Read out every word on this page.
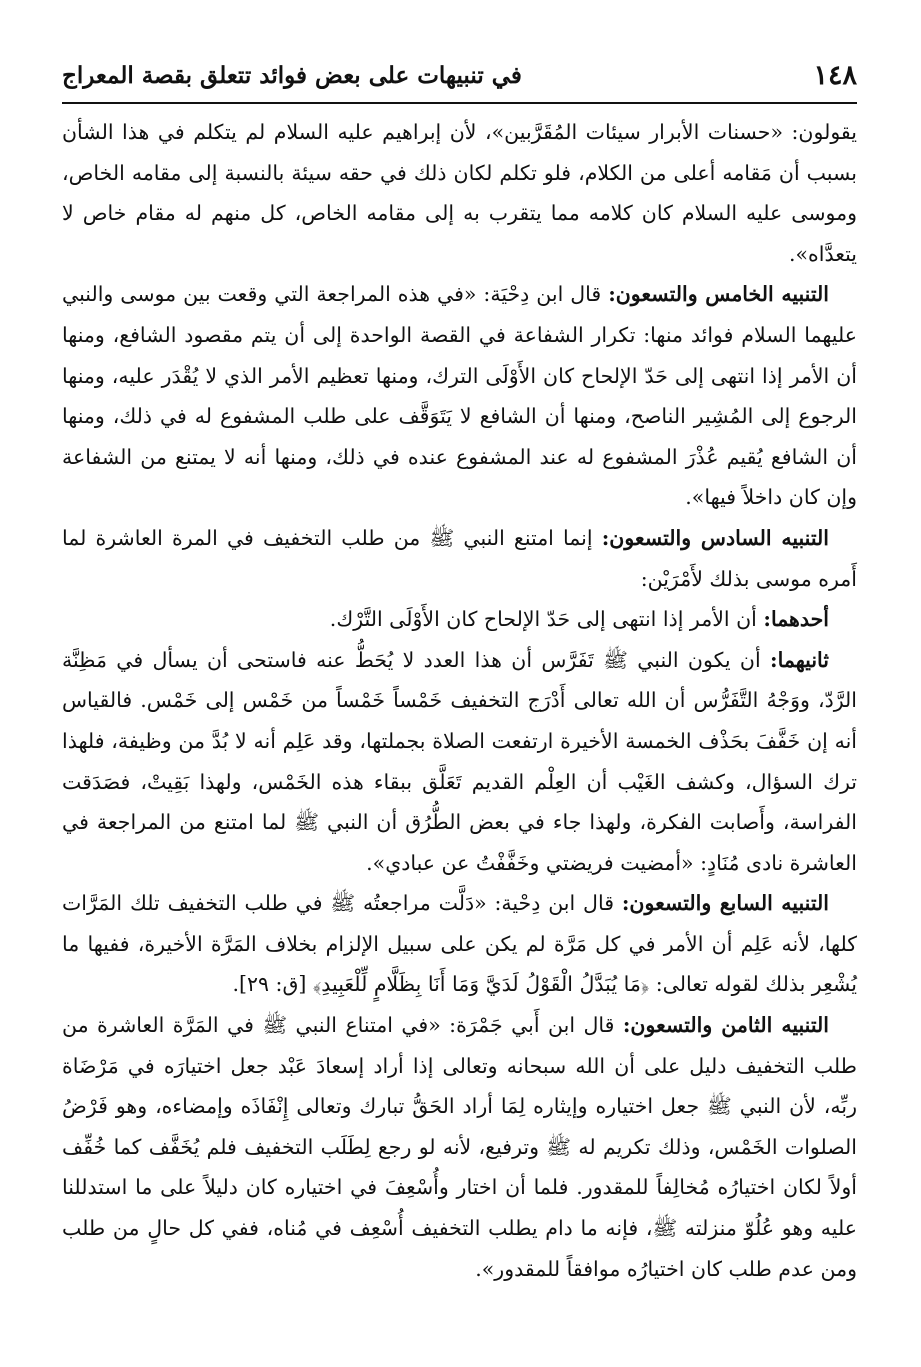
١٤٨
في تنبيهات على بعض فوائد تتعلق بقصة المعراج

يقولون: «حسنات الأبرار سيئات المُقَرَّبين»، لأن إبراهيم عليه السلام لم يتكلم في هذا الشأن بسبب أن مَقامه أعلى من الكلام، فلو تكلم لكان ذلك في حقه سيئة بالنسبة إلى مقامه الخاص، وموسى عليه السلام كان كلامه مما يتقرب به إلى مقامه الخاص، كل منهم له مقام خاص لا يتعدَّاه».

التنبيه الخامس والتسعون: قال ابن دِحْيَة: «في هذه المراجعة التي وقعت بين موسى والنبي عليهما السلام فوائد منها: تكرار الشفاعة في القصة الواحدة إلى أن يتم مقصود الشافع، ومنها أن الأمر إذا انتهى إلى حَدّ الإلحاح كان الأَوْلَى الترك، ومنها تعظيم الأمر الذي لا يُقْدَر عليه، ومنها الرجوع إلى المُشِير الناصح، ومنها أن الشافع لا يَتَوَقَّف على طلب المشفوع له في ذلك، ومنها أن الشافع يُقيم عُذْرَ المشفوع له عند المشفوع عنده في ذلك، ومنها أنه لا يمتنع من الشفاعة وإن كان داخلاً فيها».

التنبيه السادس والتسعون: إنما امتنع النبي ﷺ من طلب التخفيف في المرة العاشرة لما أَمره موسى بذلك لأَمْرَيْن:

أحدهما: أن الأمر إذا انتهى إلى حَدّ الإلحاح كان الأَوْلَى التَّرْك.

ثانيهما: أن يكون النبي ﷺ تَفَرَّس أن هذا العدد لا يُحَطُّ عنه فاستحى أن يسأل في مَظِنَّة الرَّدّ، ووَجْهُ التَّفَرُّس أن الله تعالى أَدْرَج التخفيف خَمْساً خَمْساً من خَمْس إلى خَمْس. فالقياس أنه إن خَفَّفَ بحَذْف الخمسة الأخيرة ارتفعت الصلاة بجملتها، وقد عَلِم أنه لا بُدَّ من وظيفة، فلهذا ترك السؤال، وكشف الغَيْب أن العِلْم القديم تَعَلَّق ببقاء هذه الخَمْس، ولهذا بَقِيتْ، فصَدَقت الفراسة، وأَصابت الفكرة، ولهذا جاء في بعض الطُّرُق أن النبي ﷺ لما امتنع من المراجعة في العاشرة نادى مُنَادٍ: «أمضيت فريضتي وخَفَّفْتُ عن عبادي».

التنبيه السابع والتسعون: قال ابن دِحْية: «دَلَّت مراجعتُه ﷺ في طلب التخفيف تلك المَرَّات كلها، لأنه عَلِم أن الأمر في كل مَرَّة لم يكن على سبيل الإلزام بخلاف المَرَّة الأخيرة، ففيها ما يُشْعِر بذلك لقوله تعالى: ﴿مَا يُبَدَّلُ الْقَوْلُ لَدَيَّ وَمَا أَنَا بِظَلَّامٍ لِّلْعَبِيدِ﴾ [ق: ٢٩].

التنبيه الثامن والتسعون: قال ابن أَبي جَمْرَة: «في امتناع النبي ﷺ في المَرَّة العاشرة من طلب التخفيف دليل على أن الله سبحانه وتعالى إذا أراد إسعادَ عَبْد جعل اختيارَه في مَرْضَاة ربِّه، لأن النبي ﷺ جعل اختياره وإيثاره لِمَا أراد الحَقُّ تبارك وتعالى إِنْفَاذَه وإمضاءه، وهو فَرْضُ الصلوات الخَمْس، وذلك تكريم له ﷺ وترفيع، لأنه لو رجع لِطَلَب التخفيف فلم يُخَفَّف كما خُفِّف أولاً لكان اختيارُه مُخالِفاً للمقدور. فلما أن اختار وأُسْعِفَ في اختياره كان دليلاً على ما استدللنا عليه وهو عُلُوّ منزلته ﷺ، فإنه ما دام يطلب التخفيف أُسْعِف في مُناه، ففي كل حالٍ من طلب ومن عدم طلب كان اختيارُه موافقاً للمقدور».
